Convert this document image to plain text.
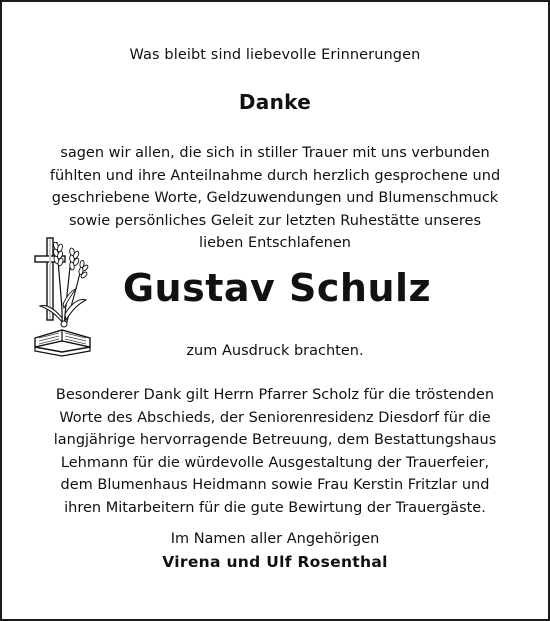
Was bleibt sind liebevolle Erinnerungen
Danke
sagen wir allen, die sich in stiller Trauer mit uns verbunden
fühlten und ihre Anteilnahme durch herzlich gesprochene und
geschriebene Worte, Geldzuwendungen und Blumenschmuck
sowie persönliches Geleit zur letzten Ruhestätte unseres
lieben Entschlafenen
Gustav Schulz
zum Ausdruck brachten.
Besonderer Dank gilt Herrn Pfarrer Scholz für die tröstenden
Worte des Abschieds, der Seniorenresidenz Diesdorf für die
langjährige hervorragende Betreuung, dem Bestattungshaus
Lehmann für die würdevolle Ausgestaltung der Trauerfeier,
dem Blumenhaus Heidmann sowie Frau Kerstin Fritzlar und
ihren Mitarbeitern für die gute Bewirtung der Trauergäste.
Im Namen aller Angehörigen
Virena und Ulf Rosenthal
